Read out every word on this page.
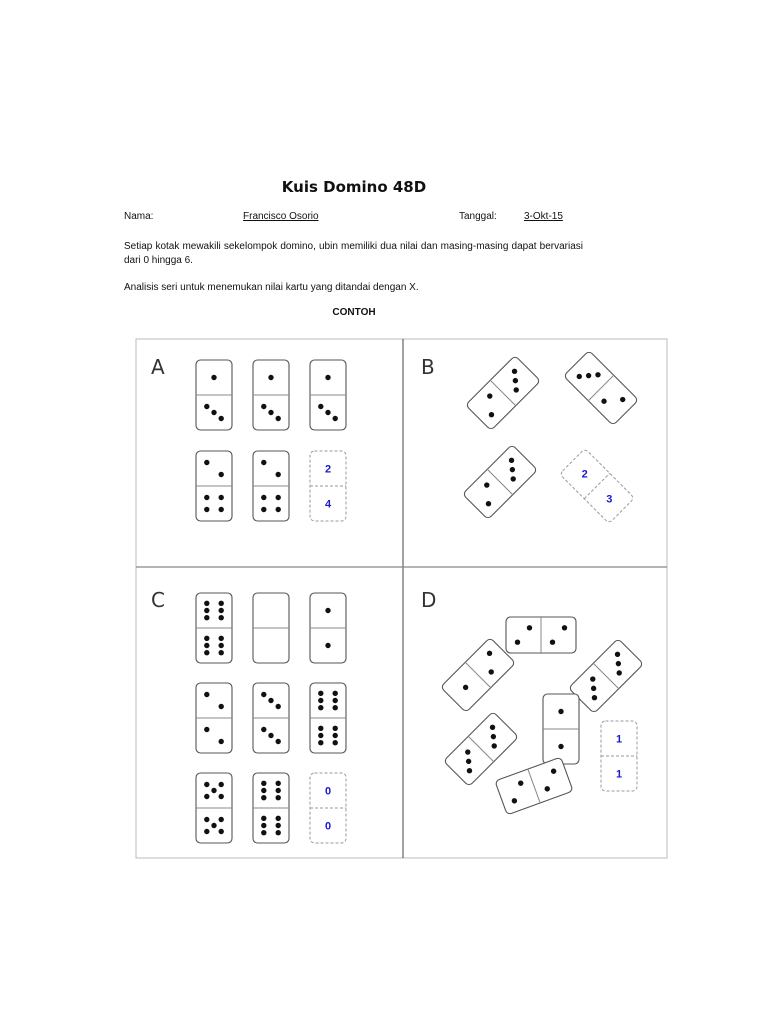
Kuis Domino 48D
Nama:	Francisco Osorio	Tanggal:	3-Okt-15
Setiap kotak mewakili sekelompok domino, ubin memiliki dua nilai dan masing-masing dapat bervariasi dari 0 hingga 6.
Analisis seri untuk menemukan nilai kartu yang ditandai dengan X.
CONTOH
A	B
C	D
2
4
2
3
0
0
1
1
